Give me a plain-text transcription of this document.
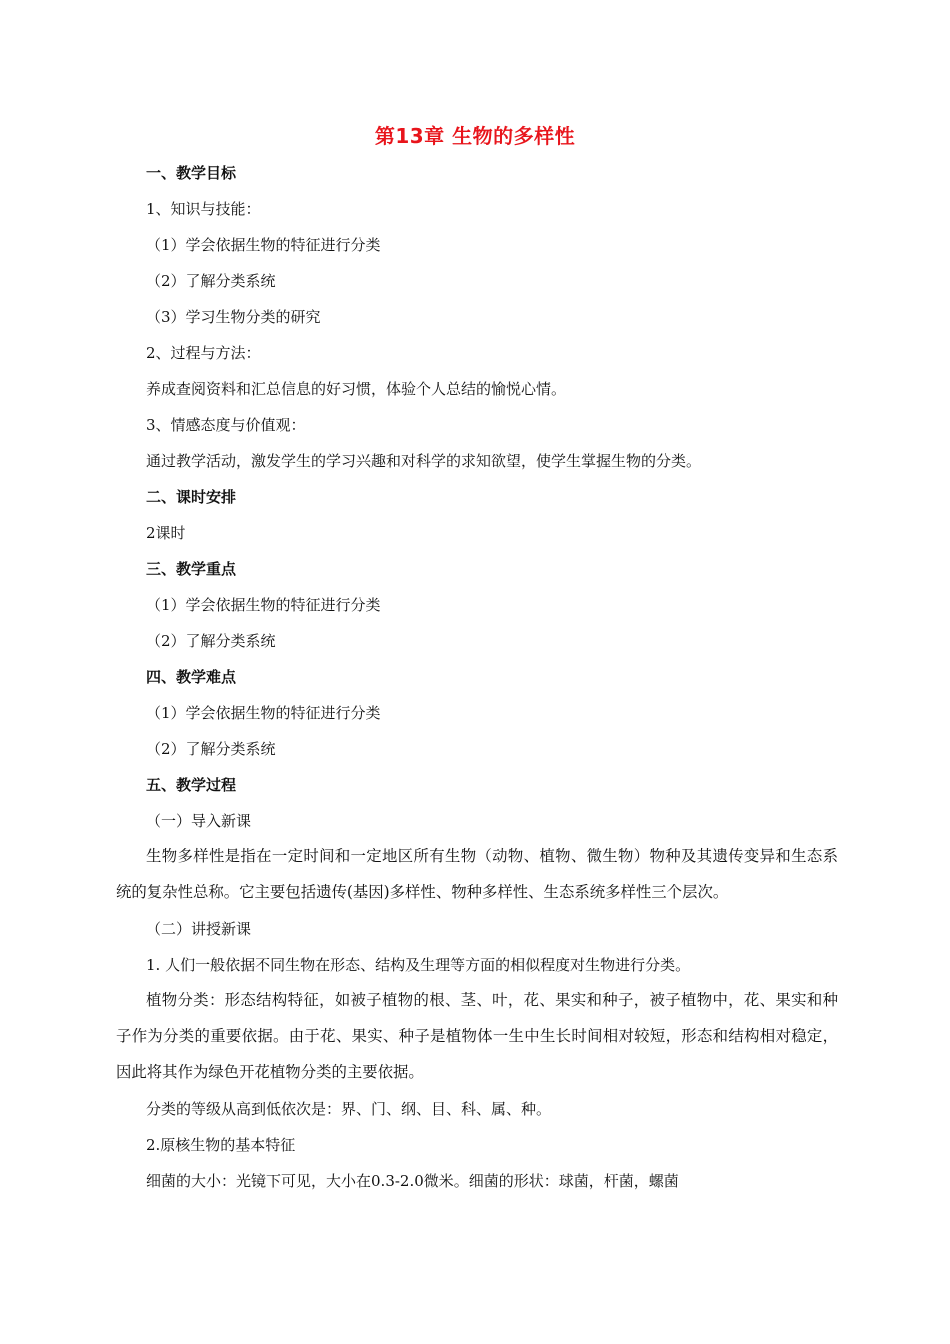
第13章 生物的多样性
一、教学目标
1、知识与技能：
（1）学会依据生物的特征进行分类
（2）了解分类系统
（3）学习生物分类的研究
2、过程与方法：
养成查阅资料和汇总信息的好习惯，体验个人总结的愉悦心情。
3、情感态度与价值观：
通过教学活动，激发学生的学习兴趣和对科学的求知欲望，使学生掌握生物的分类。
二、课时安排
2课时
三、教学重点
（1）学会依据生物的特征进行分类
（2）了解分类系统
四、教学难点
（1）学会依据生物的特征进行分类
（2）了解分类系统
五、教学过程
（一）导入新课
生物多样性是指在一定时间和一定地区所有生物（动物、植物、微生物）物种及其遗传变异和生态系统的复杂性总称。它主要包括遗传(基因)多样性、物种多样性、生态系统多样性三个层次。
（二）讲授新课
1. 人们一般依据不同生物在形态、结构及生理等方面的相似程度对生物进行分类。
植物分类：形态结构特征，如被子植物的根、茎、叶，花、果实和种子，被子植物中，花、果实和种子作为分类的重要依据。由于花、果实、种子是植物体一生中生长时间相对较短，形态和结构相对稳定，因此将其作为绿色开花植物分类的主要依据。
分类的等级从高到低依次是：界、门、纲、目、科、属、种。
2.原核生物的基本特征
细菌的大小：光镜下可见，大小在0.3-2.0微米。细菌的形状：球菌，杆菌，螺菌
